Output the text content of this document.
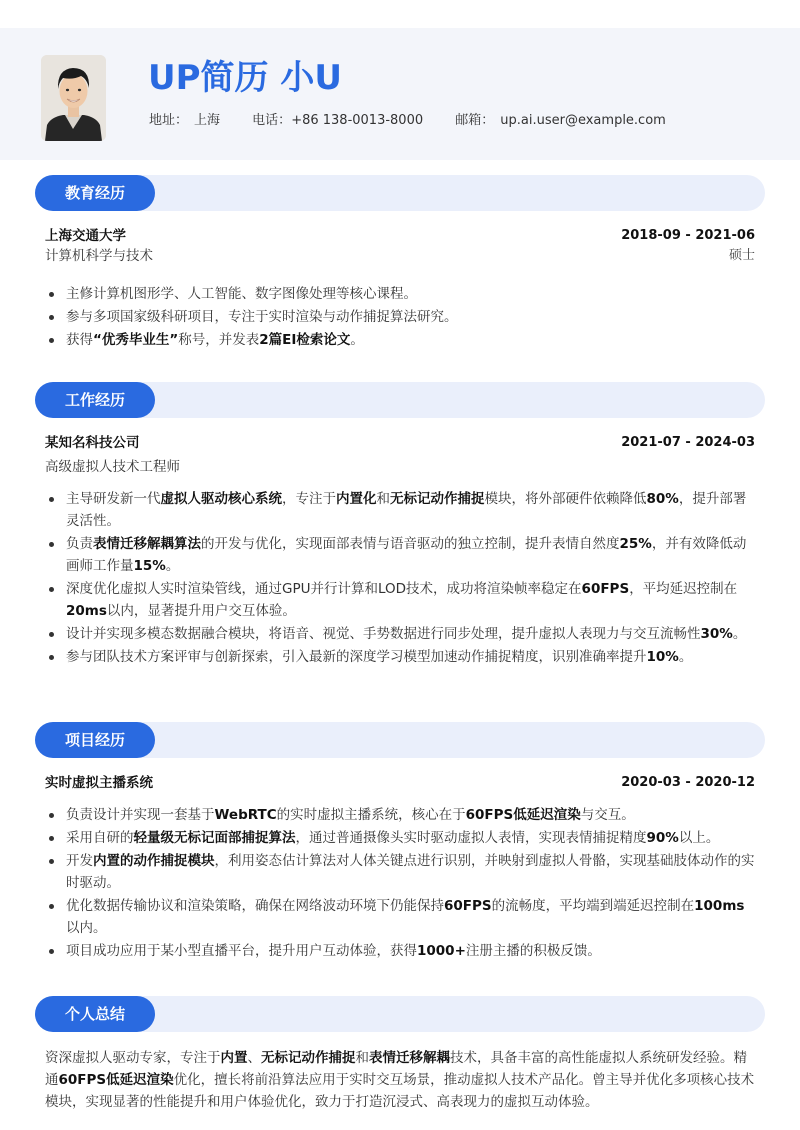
UP简历 小U
地址： 上海 电话：+86 138-0013-8000 邮箱： up.ai.user@example.com
教育经历
上海交通大学	2018-09 - 2021-06
计算机科学与技术	硕士
主修计算机图形学、人工智能、数字图像处理等核心课程。
参与多项国家级科研项目，专注于实时渲染与动作捕捉算法研究。
获得“优秀毕业生”称号，并发表2篇EI检索论文。
工作经历
某知名科技公司	2021-07 - 2024-03
高级虚拟人技术工程师
主导研发新一代虚拟人驱动核心系统，专注于内置化和无标记动作捕捉模块，将外部硬件依赖降低80%，提升部署灵活性。
负责表情迁移解耦算法的开发与优化，实现面部表情与语音驱动的独立控制，提升表情自然度25%，并有效降低动画师工作量15%。
深度优化虚拟人实时渲染管线，通过GPU并行计算和LOD技术，成功将渲染帧率稳定在60FPS，平均延迟控制在20ms以内，显著提升用户交互体验。
设计并实现多模态数据融合模块，将语音、视觉、手势数据进行同步处理，提升虚拟人表现力与交互流畅性30%。
参与团队技术方案评审与创新探索，引入最新的深度学习模型加速动作捕捉精度，识别准确率提升10%。
项目经历
实时虚拟主播系统	2020-03 - 2020-12
负责设计并实现一套基于WebRTC的实时虚拟主播系统，核心在于60FPS低延迟渲染与交互。
采用自研的轻量级无标记面部捕捉算法，通过普通摄像头实时驱动虚拟人表情，实现表情捕捉精度90%以上。
开发内置的动作捕捉模块，利用姿态估计算法对人体关键点进行识别，并映射到虚拟人骨骼，实现基础肢体动作的实时驱动。
优化数据传输协议和渲染策略，确保在网络波动环境下仍能保持60FPS的流畅度，平均端到端延迟控制在100ms以内。
项目成功应用于某小型直播平台，提升用户互动体验，获得1000+注册主播的积极反馈。
个人总结

资深虚拟人驱动专家，专注于内置、无标记动作捕捉和表情迁移解耦技术，具备丰富的高性能虚拟人系统研发经验。精通60FPS低延迟渲染优化，擅长将前沿算法应用于实时交互场景，推动虚拟人技术产品化。曾主导并优化多项核心技术模块，实现显著的性能提升和用户体验优化，致力于打造沉浸式、高表现力的虚拟互动体验。
